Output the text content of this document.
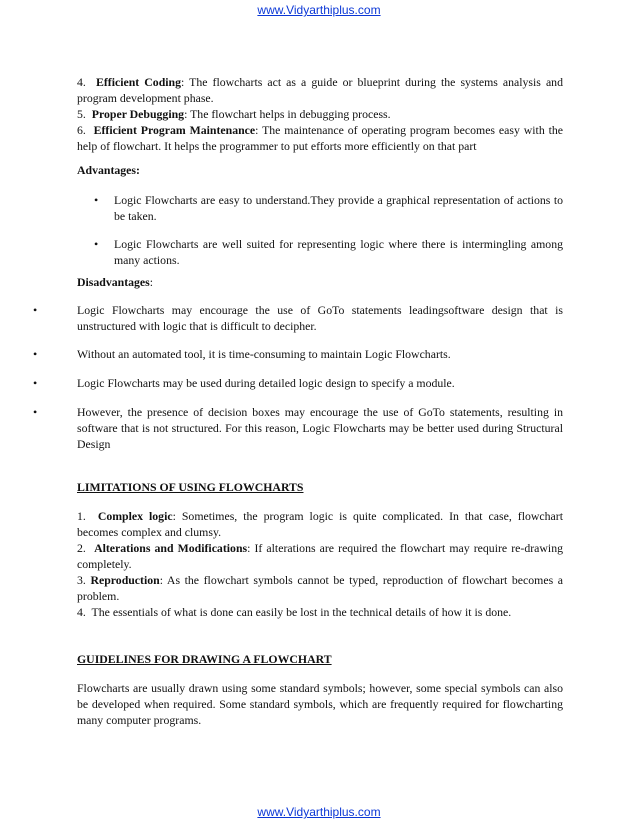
www.Vidyarthiplus.com

4. Efficient Coding: The flowcharts act as a guide or blueprint during the systems analysis and program development phase.

5. Proper Debugging: The flowchart helps in debugging process.

6. Efficient Program Maintenance: The maintenance of operating program becomes easy with the help of flowchart. It helps the programmer to put efforts more efficiently on that part

Advantages:
• Logic Flowcharts are easy to understand.They provide a graphical representation of actions to be taken.
• Logic Flowcharts are well suited for representing logic where there is intermingling among many actions.
Disadvantages:
•	Logic Flowcharts may encourage the use of GoTo statements leadingsoftware design that is unstructured with logic that is difficult to decipher.
•	Without an automated tool, it is time-consuming to maintain Logic Flowcharts.
•	Logic Flowcharts may be used during detailed logic design to specify a module.
•	However, the presence of decision boxes may encourage the use of GoTo statements, resulting in software that is not structured. For this reason, Logic Flowcharts may be better used during Structural Design
LIMITATIONS OF USING FLOWCHARTS

1. Complex logic: Sometimes, the program logic is quite complicated. In that case, flowchart becomes complex and clumsy.

2. Alterations and Modifications: If alterations are required the flowchart may require re-drawing completely.

3. Reproduction: As the flowchart symbols cannot be typed, reproduction of flowchart becomes a problem.

4. The essentials of what is done can easily be lost in the technical details of how it is done.

GUIDELINES FOR DRAWING A FLOWCHART
Flowcharts are usually drawn using some standard symbols; however, some special symbols can also be developed when required. Some standard symbols, which are frequently required for flowcharting many computer programs.
www.Vidyarthiplus.com
